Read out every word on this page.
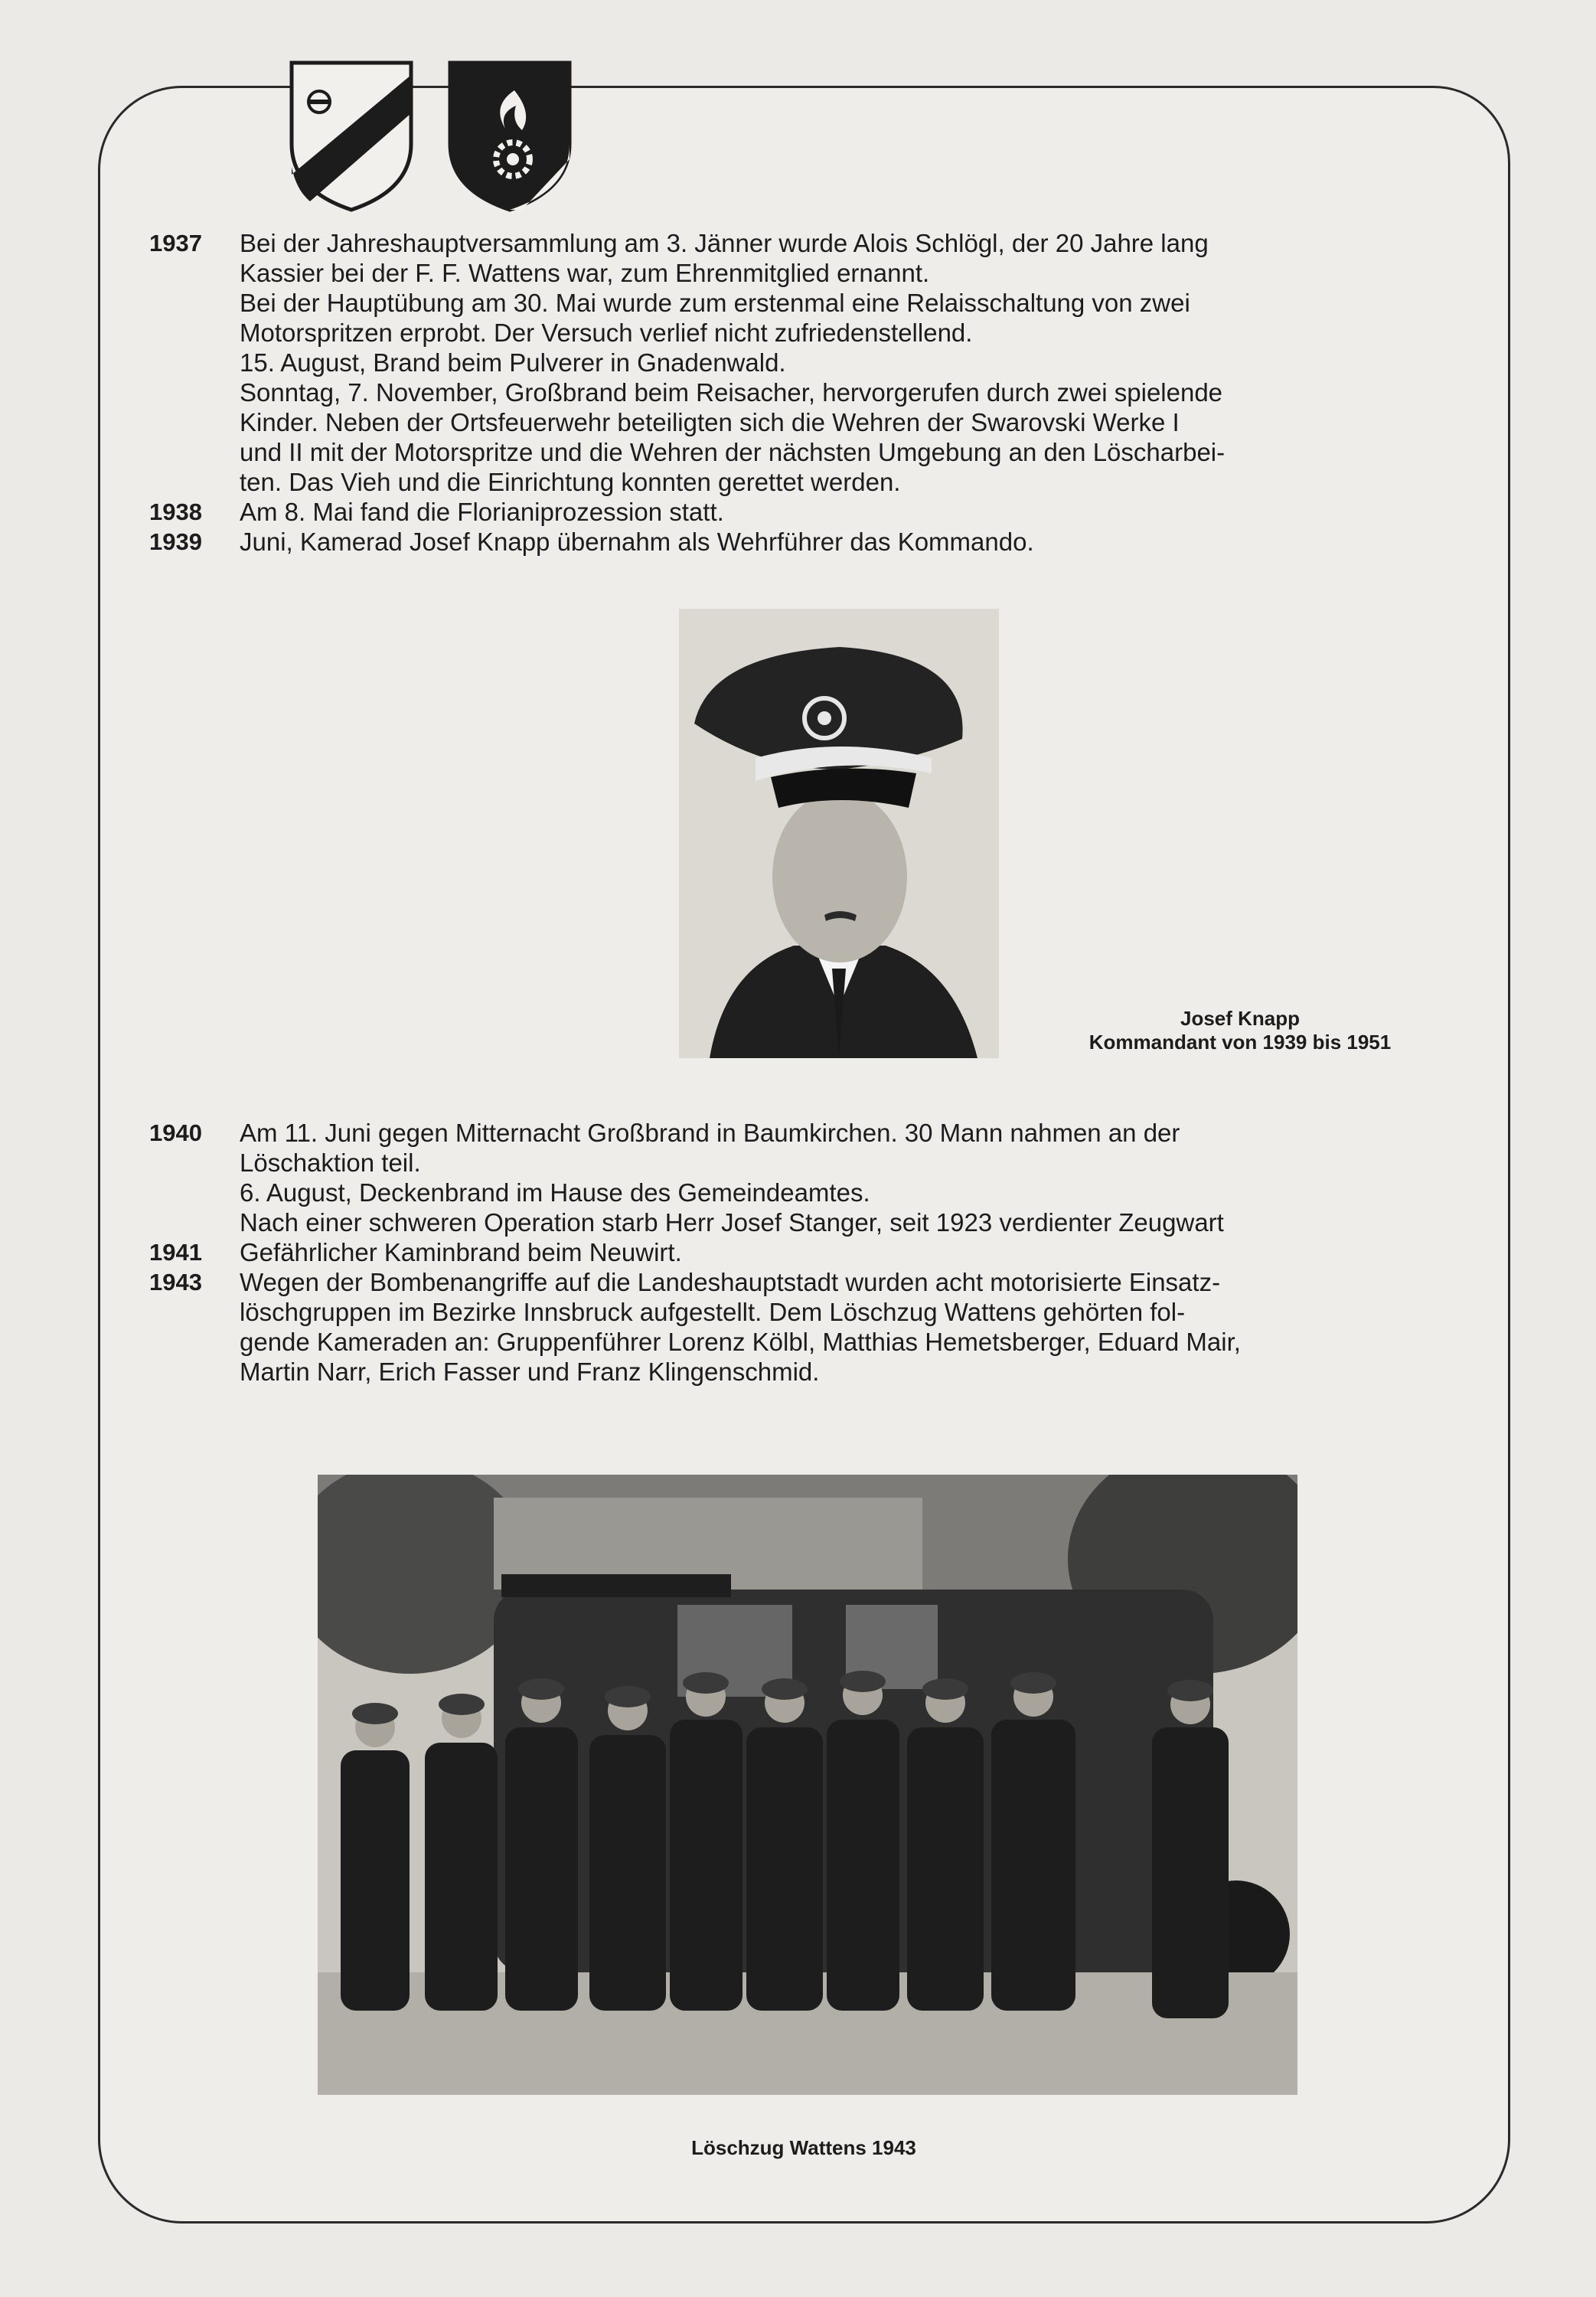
1937	Bei der Jahreshauptversammlung am 3. Jänner wurde Alois Schlögl, der 20 Jahre lang
Kassier bei der F. F. Wattens war, zum Ehrenmitglied ernannt.
Bei der Hauptübung am 30. Mai wurde zum erstenmal eine Relaisschaltung von zwei
Motorspritzen erprobt. Der Versuch verlief nicht zufriedenstellend.
15. August, Brand beim Pulverer in Gnadenwald.
Sonntag, 7. November, Großbrand beim Reisacher, hervorgerufen durch zwei spielende
Kinder. Neben der Ortsfeuerwehr beteiligten sich die Wehren der Swarovski Werke I
und II mit der Motorspritze und die Wehren der nächsten Umgebung an den Löscharbei-
ten. Das Vieh und die Einrichtung konnten gerettet werden.
1938	Am 8. Mai fand die Florianiprozession statt.
1939	Juni, Kamerad Josef Knapp übernahm als Wehrführer das Kommando.
Josef Knapp
Kommandant von 1939 bis 1951
1940	Am 11. Juni gegen Mitternacht Großbrand in Baumkirchen. 30 Mann nahmen an der
Löschaktion teil.
6. August, Deckenbrand im Hause des Gemeindeamtes.
Nach einer schweren Operation starb Herr Josef Stanger, seit 1923 verdienter Zeugwart
1941	Gefährlicher Kaminbrand beim Neuwirt.
1943	Wegen der Bombenangriffe auf die Landeshauptstadt wurden acht motorisierte Einsatz-
löschgruppen im Bezirke Innsbruck aufgestellt. Dem Löschzug Wattens gehörten fol-
gende Kameraden an: Gruppenführer Lorenz Kölbl, Matthias Hemetsberger, Eduard Mair,
Martin Narr, Erich Fasser und Franz Klingenschmid.
Löschzug Wattens 1943
